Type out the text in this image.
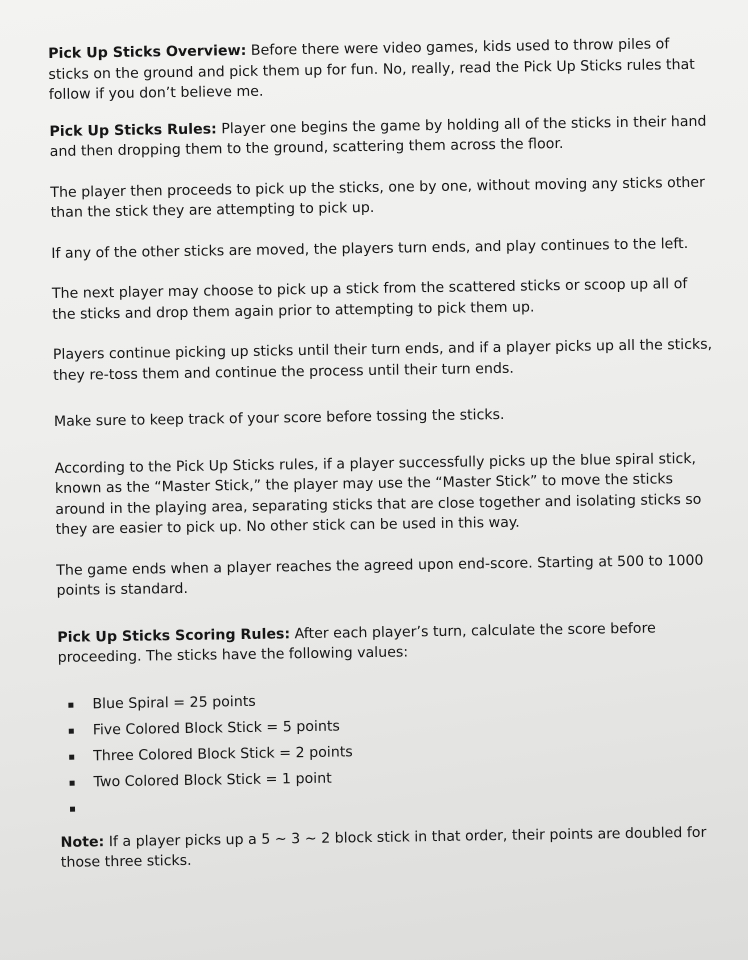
Pick Up Sticks Overview: Before there were video games, kids used to throw piles of sticks on the ground and pick them up for fun. No, really, read the Pick Up Sticks rules that follow if you don’t believe me.

Pick Up Sticks Rules: Player one begins the game by holding all of the sticks in their hand and then dropping them to the ground, scattering them across the floor.

The player then proceeds to pick up the sticks, one by one, without moving any sticks other than the stick they are attempting to pick up.

If any of the other sticks are moved, the players turn ends, and play continues to the left.

The next player may choose to pick up a stick from the scattered sticks or scoop up all of the sticks and drop them again prior to attempting to pick them up.

Players continue picking up sticks until their turn ends, and if a player picks up all the sticks, they re-toss them and continue the process until their turn ends.

Make sure to keep track of your score before tossing the sticks.

According to the Pick Up Sticks rules, if a player successfully picks up the blue spiral stick, known as the “Master Stick,” the player may use the “Master Stick” to move the sticks around in the playing area, separating sticks that are close together and isolating sticks so they are easier to pick up. No other stick can be used in this way.

The game ends when a player reaches the agreed upon end-score. Starting at 500 to 1000 points is standard.

Pick Up Sticks Scoring Rules: After each player’s turn, calculate the score before proceeding. The sticks have the following values:

Blue Spiral = 25 points
Five Colored Block Stick = 5 points
Three Colored Block Stick = 2 points
Two Colored Block Stick = 1 point

Note: If a player picks up a 5 ~ 3 ~ 2 block stick in that order, their points are doubled for those three sticks.
